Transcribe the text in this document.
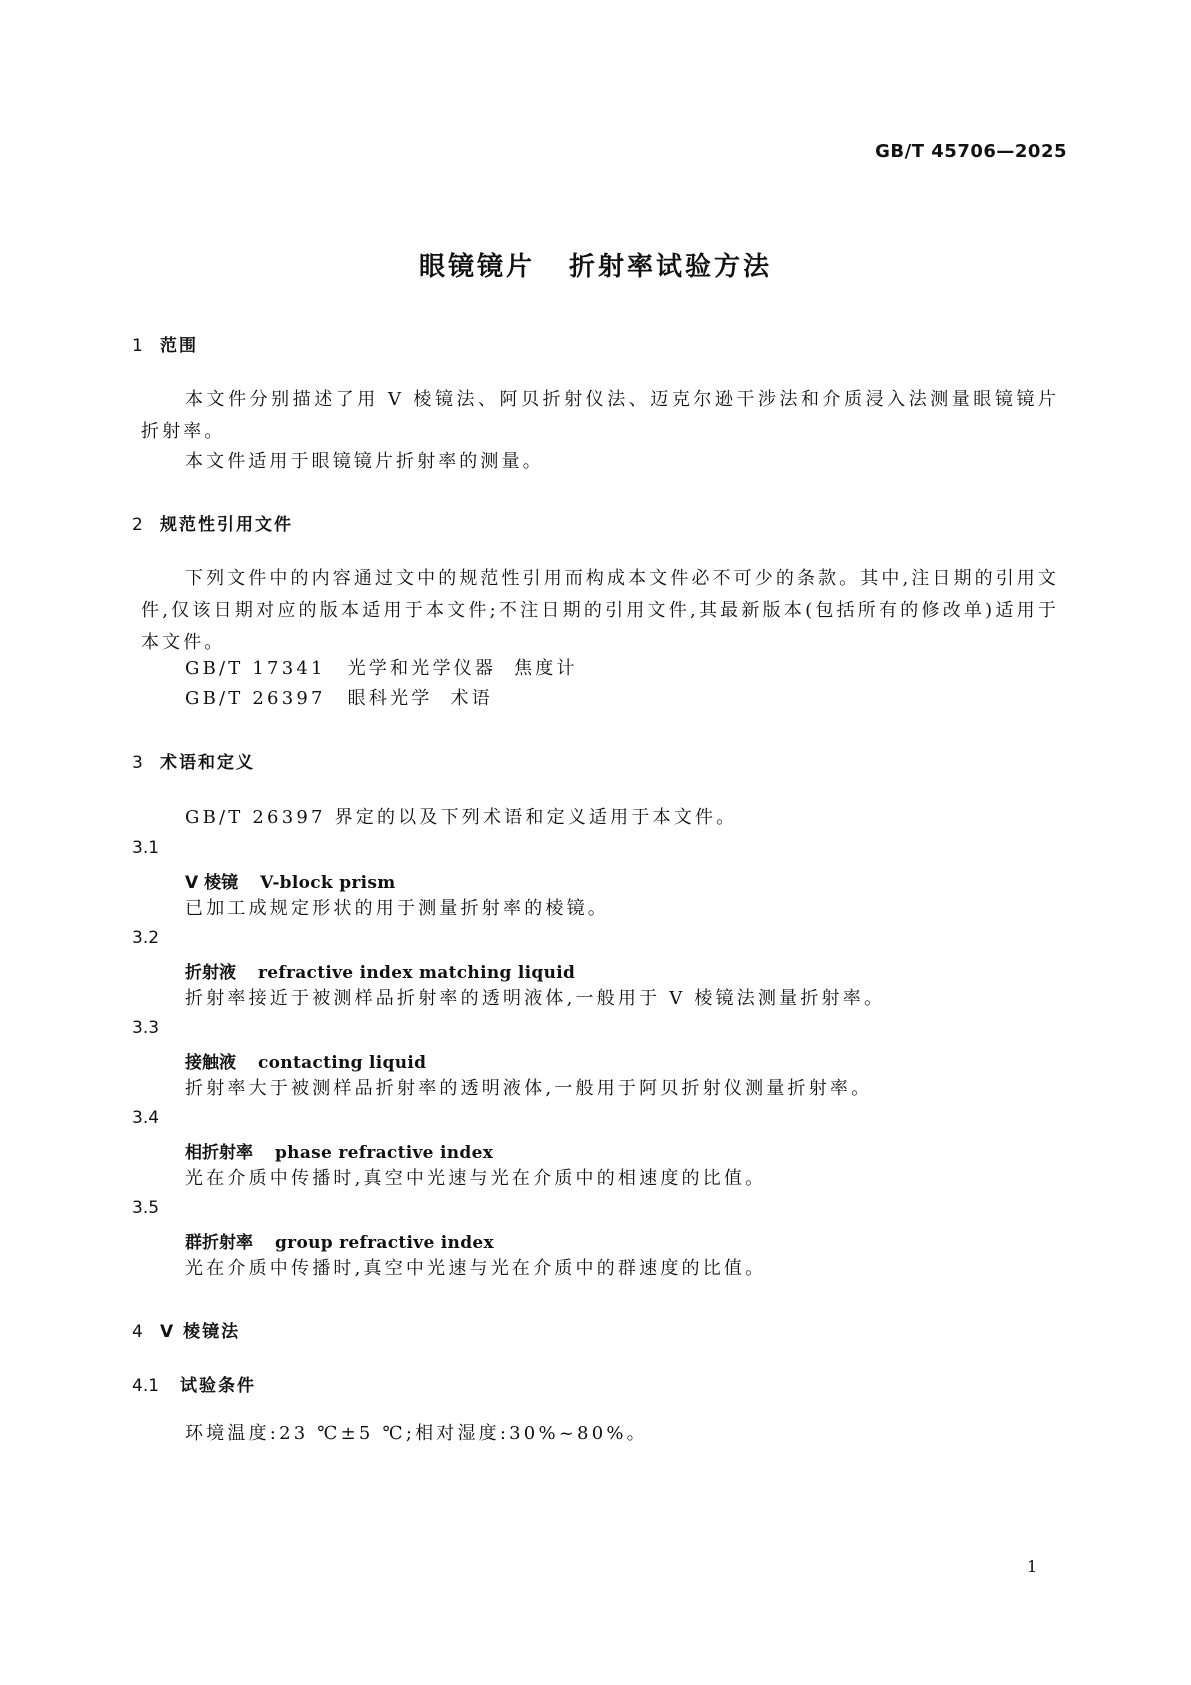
GB/T 45706—2025
眼镜镜片 折射率试验方法
1 范围
本文件分别描述了用 V 棱镜法、阿贝折射仪法、迈克尔逊干涉法和介质浸入法测量眼镜镜片折射率。
本文件适用于眼镜镜片折射率的测量。
2 规范性引用文件
下列文件中的内容通过文中的规范性引用而构成本文件必不可少的条款。其中,注日期的引用文件,仅该日期对应的版本适用于本文件;不注日期的引用文件,其最新版本(包括所有的修改单)适用于本文件。
GB/T 17341 光学和光学仪器 焦度计
GB/T 26397 眼科光学 术语
3 术语和定义
GB/T 26397 界定的以及下列术语和定义适用于本文件。
3.1
V 棱镜 V-block prism
已加工成规定形状的用于测量折射率的棱镜。
3.2
折射液 refractive index matching liquid
折射率接近于被测样品折射率的透明液体,一般用于 V 棱镜法测量折射率。
3.3
接触液 contacting liquid
折射率大于被测样品折射率的透明液体,一般用于阿贝折射仪测量折射率。
3.4
相折射率 phase refractive index
光在介质中传播时,真空中光速与光在介质中的相速度的比值。
3.5
群折射率 group refractive index
光在介质中传播时,真空中光速与光在介质中的群速度的比值。
4 V 棱镜法
4.1 试验条件
环境温度:23 ℃±5 ℃;相对湿度:30%~80%。
1
